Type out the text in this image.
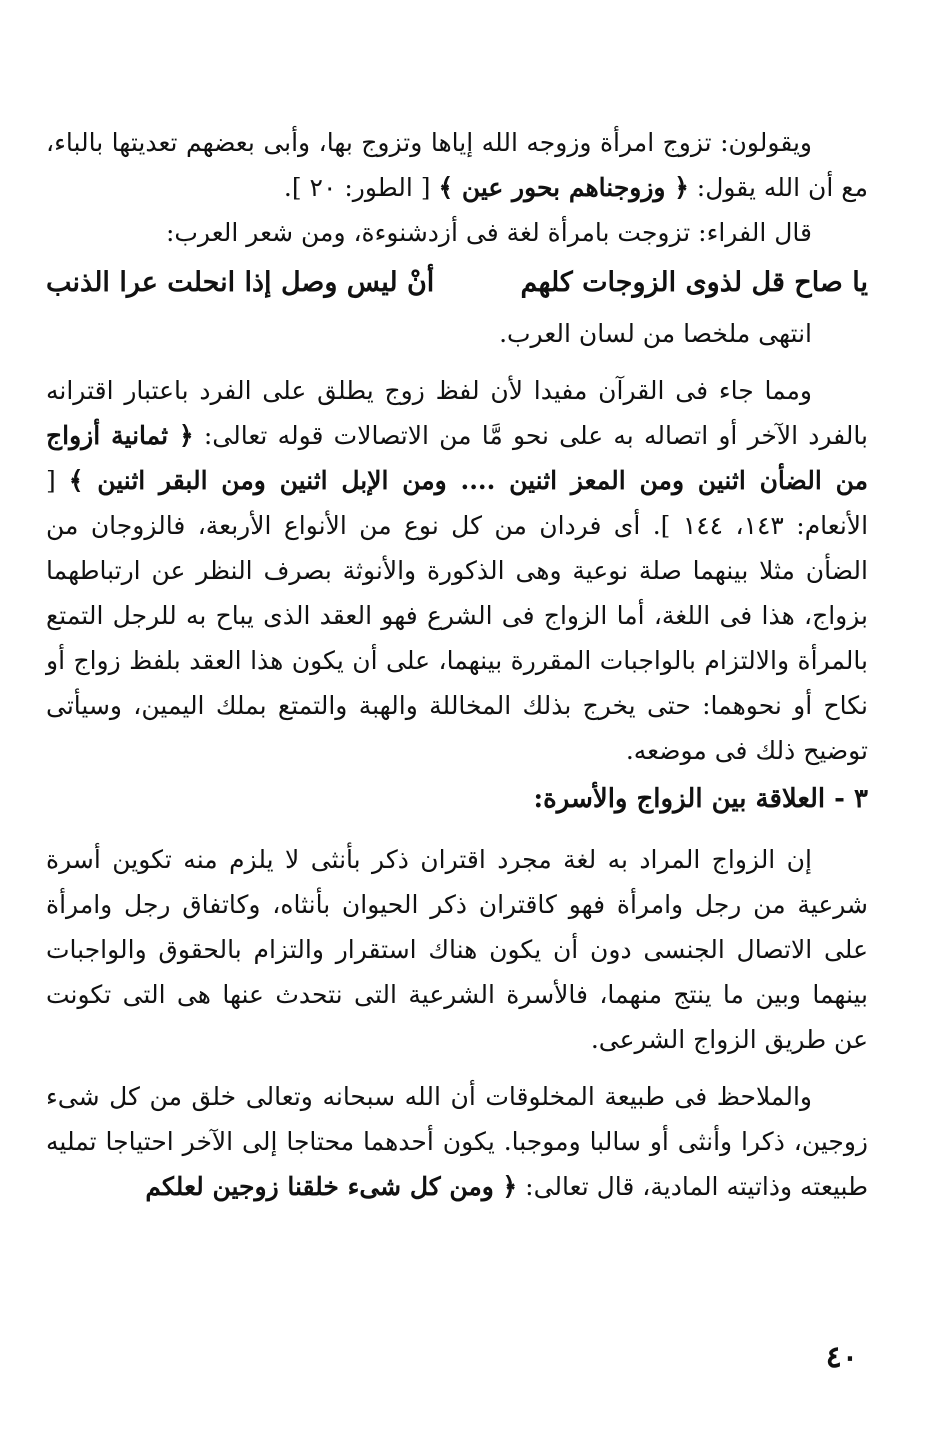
ويقولون: تزوج امرأة وزوجه الله إياها وتزوج بها، وأبى بعضهم تعديتها بالباء، مع أن الله يقول: ﴿ وزوجناهم بحور عين ﴾ [ الطور: ٢٠ ].

قال الفراء: تزوجت بامرأة لغة فى أزدشنوءة، ومن شعر العرب:

يا صاح قل لذوى الزوجات كلهم
أنْ ليس وصل إذا انحلت عرا الذنب

انتهى ملخصا من لسان العرب.

ومما جاء فى القرآن مفيدا لأن لفظ زوج يطلق على الفرد باعتبار اقترانه بالفرد الآخر أو اتصاله به على نحو مَّا من الاتصالات قوله تعالى: ﴿ ثمانية أزواج من الضأن اثنين ومن المعز اثنين .... ومن الإبل اثنين ومن البقر اثنين ﴾ [ الأنعام: ١٤٣، ١٤٤ ]. أى فردان من كل نوع من الأنواع الأربعة، فالزوجان من الضأن مثلا بينهما صلة نوعية وهى الذكورة والأنوثة بصرف النظر عن ارتباطهما بزواج، هذا فى اللغة، أما الزواج فى الشرع فهو العقد الذى يباح به للرجل التمتع بالمرأة والالتزام بالواجبات المقررة بينهما، على أن يكون هذا العقد بلفظ زواج أو نكاح أو نحوهما: حتى يخرج بذلك المخاللة والهبة والتمتع بملك اليمين، وسيأتى توضيح ذلك فى موضعه.

٣ - العلاقة بين الزواج والأسرة:

إن الزواج المراد به لغة مجرد اقتران ذكر بأنثى لا يلزم منه تكوين أسرة شرعية من رجل وامرأة فهو كاقتران ذكر الحيوان بأنثاه، وكاتفاق رجل وامرأة على الاتصال الجنسى دون أن يكون هناك استقرار والتزام بالحقوق والواجبات بينهما وبين ما ينتج منهما، فالأسرة الشرعية التى نتحدث عنها هى التى تكونت عن طريق الزواج الشرعى.

والملاحظ فى طبيعة المخلوقات أن الله سبحانه وتعالى خلق من كل شىء زوجين، ذكرا وأنثى أو سالبا وموجبا. يكون أحدهما محتاجا إلى الآخر احتياجا تمليه طبيعته وذاتيته المادية، قال تعالى: ﴿ ومن كل شىء خلقنا زوجين لعلكم

٤٠
